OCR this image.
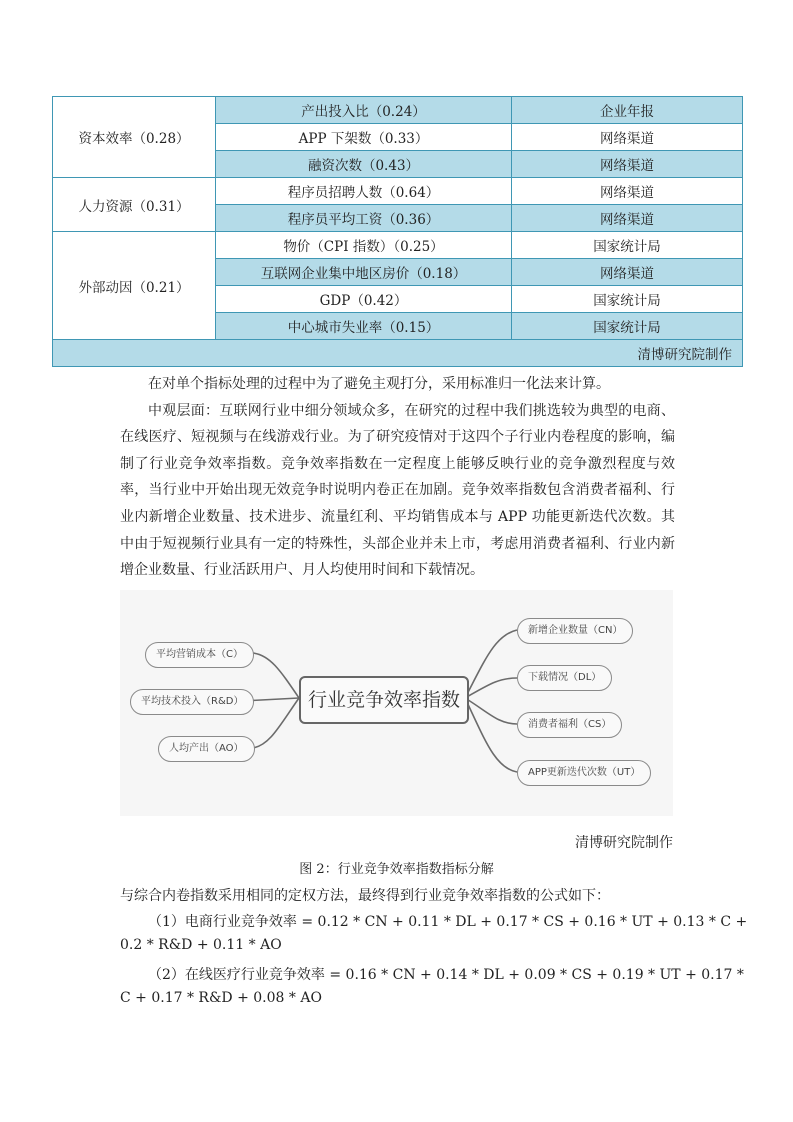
资本效率（0.28）	产出投入比（0.24）	企业年报
	APP 下架数（0.33）	网络渠道
	融资次数（0.43）	网络渠道
人力资源（0.31）	程序员招聘人数（0.64）	网络渠道
	程序员平均工资（0.36）	网络渠道
外部动因（0.21）	物价（CPI 指数）（0.25）	国家统计局
	互联网企业集中地区房价（0.18）	网络渠道
	GDP（0.42）	国家统计局
	中心城市失业率（0.15）	国家统计局
清博研究院制作		

在对单个指标处理的过程中为了避免主观打分，采用标准归一化法来计算。

中观层面：互联网行业中细分领域众多，在研究的过程中我们挑选较为典型的电商、在线医疗、短视频与在线游戏行业。为了研究疫情对于这四个子行业内卷程度的影响，编制了行业竞争效率指数。竞争效率指数在一定程度上能够反映行业的竞争激烈程度与效率，当行业中开始出现无效竞争时说明内卷正在加剧。竞争效率指数包含消费者福利、行业内新增企业数量、技术进步、流量红利、平均销售成本与 APP 功能更新迭代次数。其中由于短视频行业具有一定的特殊性，头部企业并未上市，考虑用消费者福利、行业内新增企业数量、行业活跃用户、月人均使用时间和下载情况。

平均营销成本（C）
平均技术投入（R&D）
人均产出（AO）
行业竞争效率指数
新增企业数量（CN）
下载情况（DL）
消费者福利（CS）
APP更新迭代次数（UT）
清博研究院制作
图 2：行业竞争效率指数指标分解
与综合内卷指数采用相同的定权方法，最终得到行业竞争效率指数的公式如下：
（1）电商行业竞争效率 = 0.12 * CN + 0.11 * DL + 0.17 * CS + 0.16 * UT + 0.13 * C +
0.2 * R&D + 0.11 * AO
（2）在线医疗行业竞争效率 = 0.16 * CN + 0.14 * DL + 0.09 * CS + 0.19 * UT + 0.17 *
C + 0.17 * R&D + 0.08 * AO
